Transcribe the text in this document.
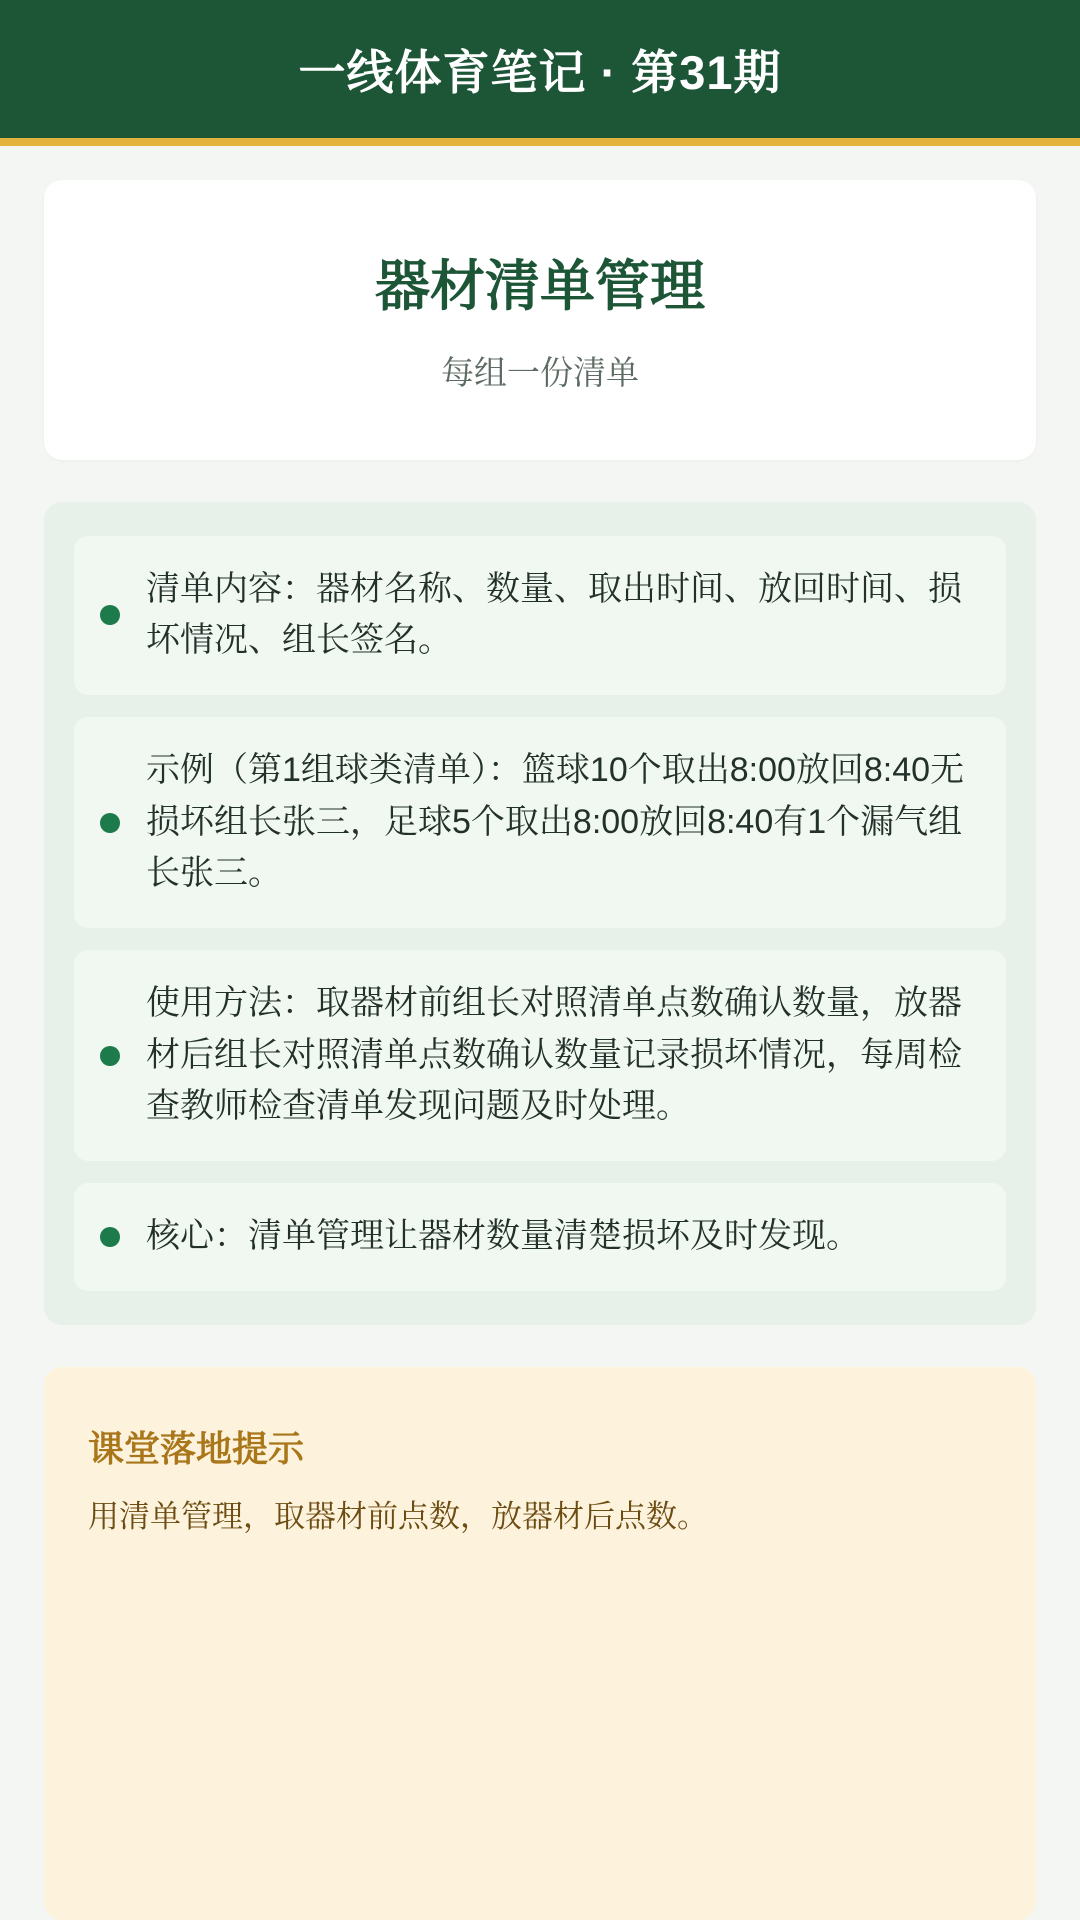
一线体育笔记 · 第31期
器材清单管理
每组一份清单
清单内容：器材名称、数量、取出时间、放回时间、损坏情况、组长签名。
示例（第1组球类清单）：篮球10个取出8:00放回8:40无损坏组长张三，足球5个取出8:00放回8:40有1个漏气组长张三。
使用方法：取器材前组长对照清单点数确认数量，放器材后组长对照清单点数确认数量记录损坏情况，每周检查教师检查清单发现问题及时处理。
核心：清单管理让器材数量清楚损坏及时发现。
课堂落地提示
用清单管理，取器材前点数，放器材后点数。
